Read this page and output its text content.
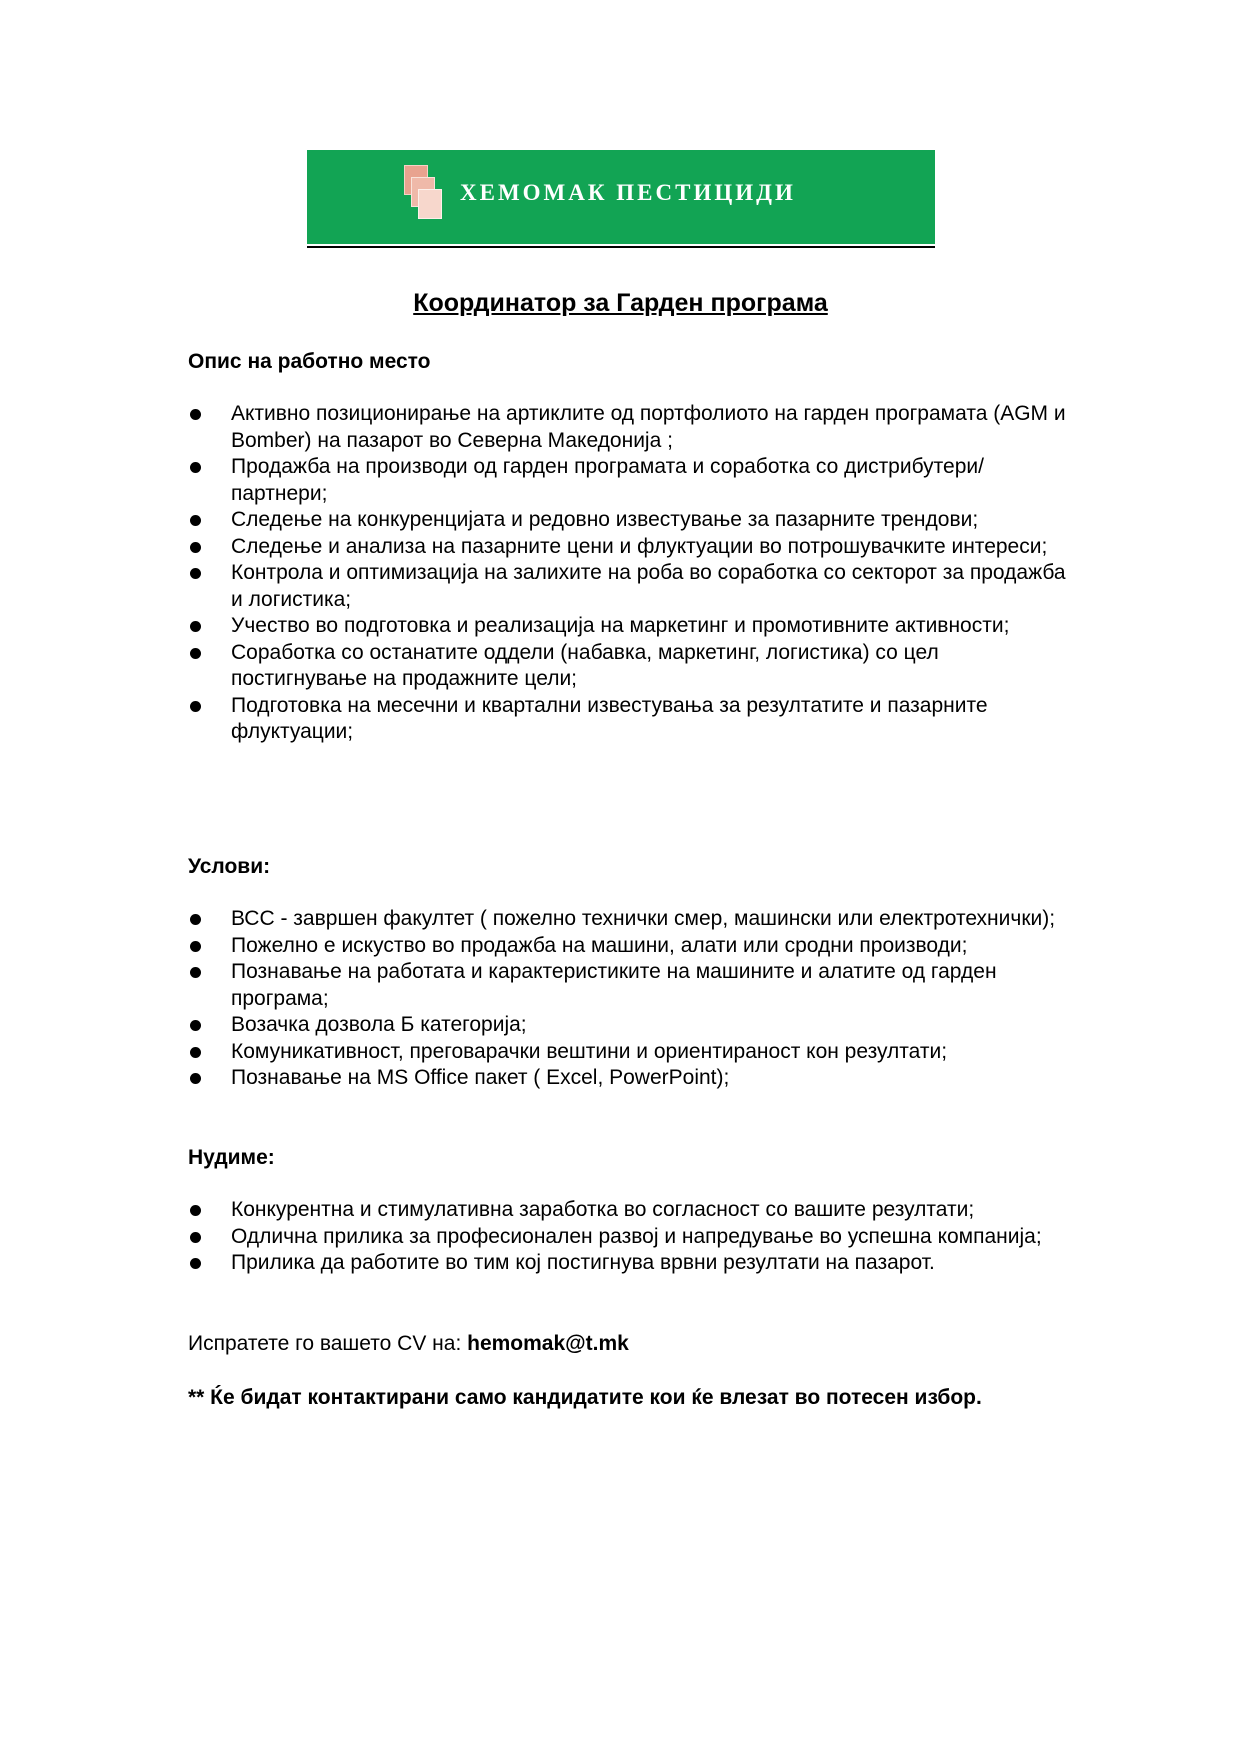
ХЕМОМАК ПЕСТИЦИДИ
Координатор за Гарден програма
Опис на работно место
Активно позиционирање на артиклите од портфолиото на гарден програмата (AGM и Bomber) на пазарот во Северна Македонија ;
Продажба на производи од гарден програмата и соработка со дистрибутери/партнери;
Следење на конкуренцијата и редовно известување за пазарните трендови;
Следење и анализа на пазарните цени и флуктуации во потрошувачките интереси;
Контрола и оптимизација на залихите на роба во соработка со секторот за продажба и логистика;
Учество во подготовка и реализација на маркетинг и промотивните активности;
Соработка со останатите оддели (набавка, маркетинг, логистика) со цел постигнување на продажните цели;
Подготовка на месечни и квартални известувања за резултатите и пазарните флуктуации;
Услови:
ВСС - завршен факултет ( пожелно технички смер, машински или електротехнички);
Пожелно е искуство во продажба на машини, алати или сродни производи;
Познавање на работата и карактеристиките на машините и алатите од гарден програма;
Возачка дозвола Б категорија;
Комуникативност, преговарачки вештини и ориентираност кон резултати;
Познавање на MS Office пакет ( Excel, PowerPoint);
Нудиме:
Конкурентна и стимулативна заработка во согласност со вашите резултати;
Одлична прилика за професионален развој и напредување во успешна компанија;
Прилика да работите во тим кој постигнува врвни резултати на пазарот.
Испратете го вашето CV на: hemomak@t.mk
** Ќе бидат контактирани само кандидатите кои ќе влезат во потесен избор.
